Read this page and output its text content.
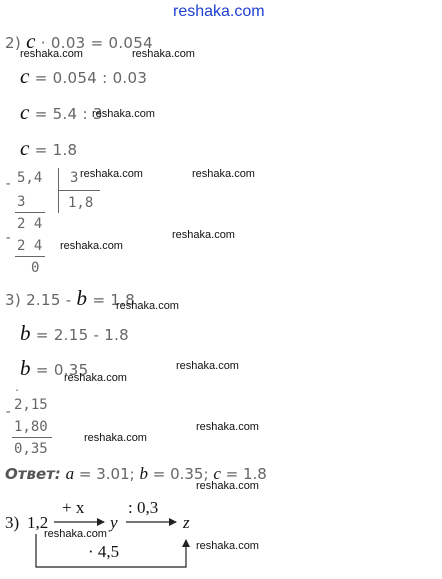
reshaka.com
2) c · 0.03 = 0.054
c = 0.054 : 0.03
c = 5.4 : 3
c = 1.8
- 5,4 3
1,8
3
-
2 4
2 4
0
3) 2.15 - b = 1.8
b = 2.15 - 1.8
b = 0.35
.
- 2,15
1,80
0,35
Ответ: a = 3.01; b = 0.35; c = 1.8
3) 1,2
+ x
y
: 0,3
z
· 4,5
reshaka.com	reshaka.com
reshaka.com
reshaka.com	reshaka.com
reshaka.com
reshaka.com
reshaka.com
reshaka.com
reshaka.com
reshaka.com
reshaka.com
reshaka.com
reshaka.com
reshaka.com
